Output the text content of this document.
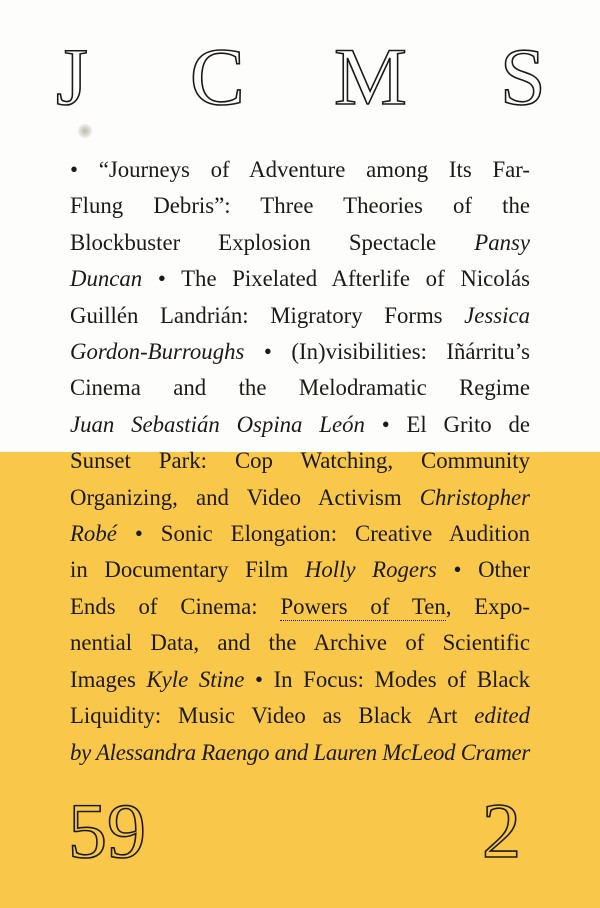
J C M S
• “Journeys of Adventure among Its Far-
Flung Debris”: Three Theories of the
Blockbuster Explosion Spectacle Pansy
Duncan • The Pixelated Afterlife of Nicolás
Guillén Landrián: Migratory Forms Jessica
Gordon-Burroughs • (In)visibilities: Iñárritu’s
Cinema and the Melodramatic Regime
Juan Sebastián Ospina León • El Grito de
Sunset Park: Cop Watching, Community
Organizing, and Video Activism Christopher
Robé • Sonic Elongation: Creative Audition
in Documentary Film Holly Rogers • Other
Ends of Cinema: Powers of Ten, Expo-
nential Data, and the Archive of Scientific
Images Kyle Stine • In Focus: Modes of Black
Liquidity: Music Video as Black Art edited
by Alessandra Raengo and Lauren McLeod Cramer
59	2
